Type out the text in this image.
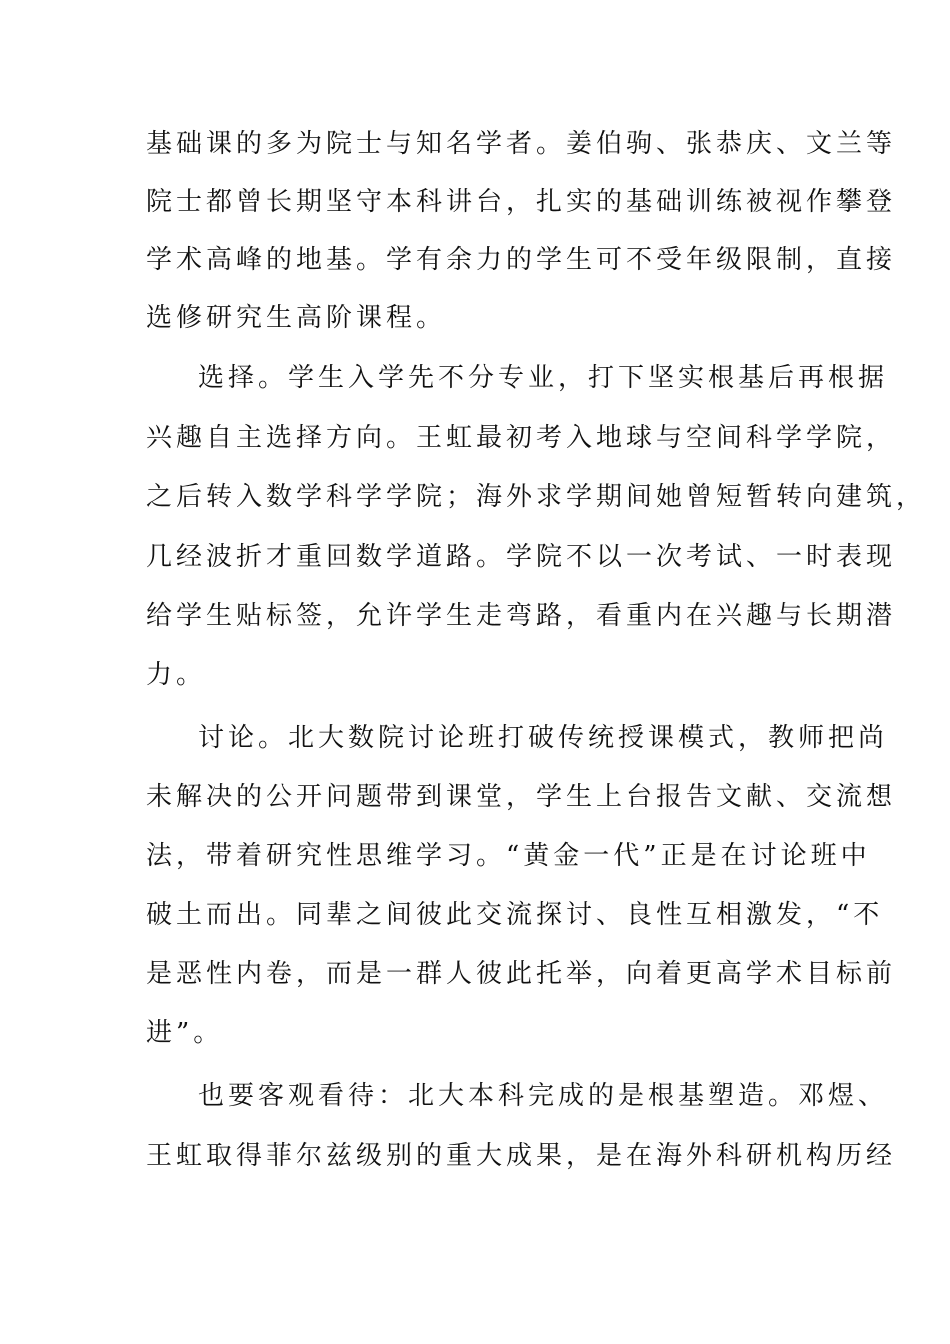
基础课的多为院士与知名学者。姜伯驹、张恭庆、文兰等
院士都曾长期坚守本科讲台，扎实的基础训练被视作攀登
学术高峰的地基。学有余力的学生可不受年级限制，直接
选修研究生高阶课程。
选择。学生入学先不分专业，打下坚实根基后再根据
兴趣自主选择方向。王虹最初考入地球与空间科学学院，
之后转入数学科学学院；海外求学期间她曾短暂转向建筑，
几经波折才重回数学道路。学院不以一次考试、一时表现
给学生贴标签，允许学生走弯路，看重内在兴趣与长期潜
力。
讨论。北大数院讨论班打破传统授课模式，教师把尚
未解决的公开问题带到课堂，学生上台报告文献、交流想
法，带着研究性思维学习。“黄金一代”正是在讨论班中
破土而出。同辈之间彼此交流探讨、良性互相激发，“不
是恶性内卷，而是一群人彼此托举，向着更高学术目标前
进”。
也要客观看待：北大本科完成的是根基塑造。邓煜、
王虹取得菲尔兹级别的重大成果，是在海外科研机构历经
